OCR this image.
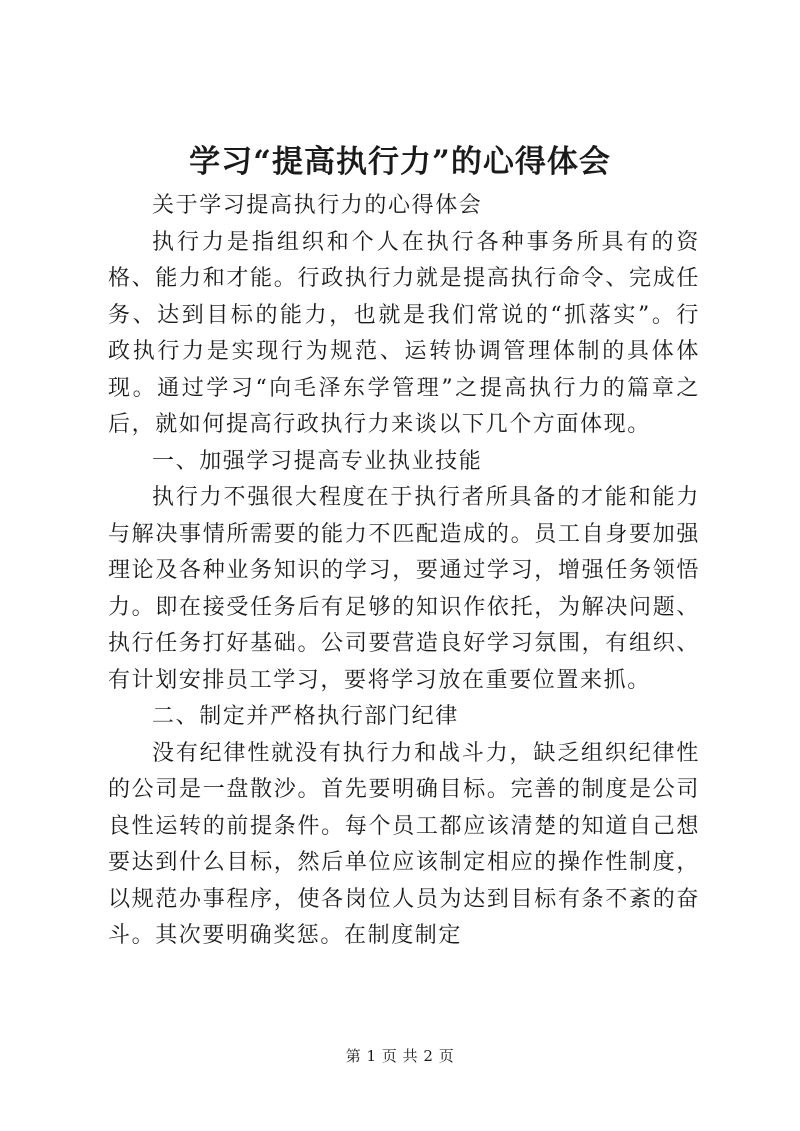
学习“提高执行力”的心得体会

关于学习提高执行力的心得体会

执行力是指组织和个人在执行各种事务所具有的资格、能力和才能。行政执行力就是提高执行命令、完成任务、达到目标的能力，也就是我们常说的“抓落实”。行政执行力是实现行为规范、运转协调管理体制的具体体现。通过学习“向毛泽东学管理”之提高执行力的篇章之后，就如何提高行政执行力来谈以下几个方面体现。

一、加强学习提高专业执业技能

执行力不强很大程度在于执行者所具备的才能和能力与解决事情所需要的能力不匹配造成的。员工自身要加强理论及各种业务知识的学习，要通过学习，增强任务领悟力。即在接受任务后有足够的知识作依托，为解决问题、执行任务打好基础。公司要营造良好学习氛围，有组织、有计划安排员工学习，要将学习放在重要位置来抓。

二、制定并严格执行部门纪律

没有纪律性就没有执行力和战斗力，缺乏组织纪律性的公司是一盘散沙。首先要明确目标。完善的制度是公司良性运转的前提条件。每个员工都应该清楚的知道自己想要达到什么目标，然后单位应该制定相应的操作性制度，以规范办事程序，使各岗位人员为达到目标有条不紊的奋斗。其次要明确奖惩。在制度制定

第 1 页 共 2 页
